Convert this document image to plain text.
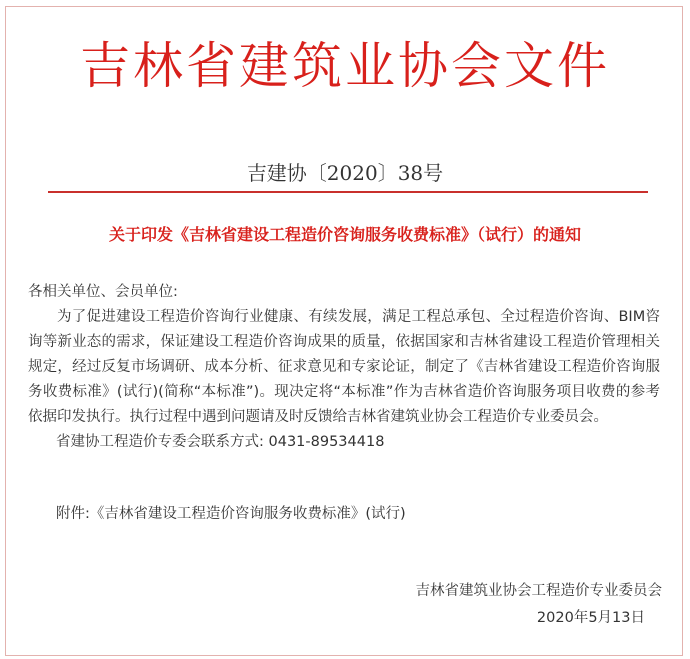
吉林省建筑业协会文件
吉建协〔2020〕38号
关于印发《吉林省建设工程造价咨询服务收费标准》（试行）的通知

各相关单位、会员单位:

为了促进建设工程造价咨询行业健康、有续发展，满足工程总承包、全过程造价咨询、BIM咨询等新业态的需求，保证建设工程造价咨询成果的质量，依据国家和吉林省建设工程造价管理相关规定，经过反复市场调研、成本分析、征求意见和专家论证，制定了《吉林省建设工程造价咨询服务收费标准》(试行)(简称“本标准”)。现决定将“本标准”作为吉林省造价咨询服务项目收费的参考依据印发执行。执行过程中遇到问题请及时反馈给吉林省建筑业协会工程造价专业委员会。

省建协工程造价专委会联系方式: 0431-89534418

附件:《吉林省建设工程造价咨询服务收费标准》(试行)
吉林省建筑业协会工程造价专业委员会
2020年5月13日
